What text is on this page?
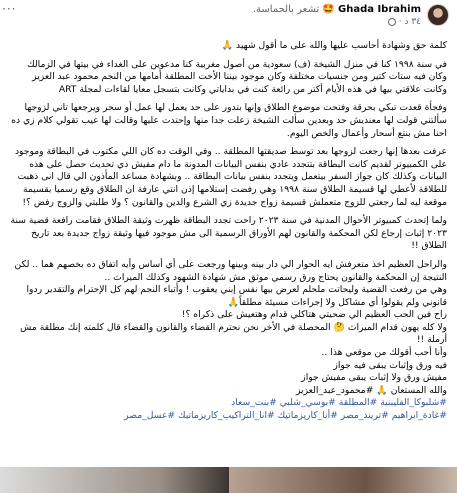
Ghada Ibrahim 🤩 تشعر بالحماسة.
٣٤ د ·
···

كلمة حق وشهادة أحاسب عليها والله على ما أقول شهيد 🙏

في سنة ١٩٩٨ كنا في منزل الشيخة (ف) سعودية من أصول مغربية كنا مدعوين على الغداء في بيتها في الزمالك وكان فيه ستات كتير ومن جنسيات مختلفة وكان موجود بيننا الأخت المطلقة أمامها من النجم محمود عبد العزيز وكانت علاقتي بيها في هذه الأيام أكتر من رائعة كنت في بداياتي وكانت بتسجل معايا لقاءات لمجلة ART

وفجأة قعدت تبكي بحرقة وفتحت موضوع الطلاق وإنها بتدور على حد يعمل لها عمل أو سحر ويرجعها تاني لزوجها سألتني قولت لها معنديش حد وبعدين سألت الشيخة زعلت جدا منها وإحتدت عليها وقالت لها عيب تقولي كلام زي ده احنا مش بنتع أسحار وأعمال والخص اليوم.

عرفت بعدها إنها رجعت لزوجها بعد توسط صديقتها المطلقة .. وفي الوقت ده كان اللي مكتوب في البطاقة وموجود على الكمبيوتر لقديم كانت البطاقة بتتجدد عادي بنفس البيانات المدونة ما دام مفيش ذي تحديث حصل على هذه البيانات وكذلك كان جواز السفر بيتعمل ويتجدد بنفس بيانات البطاقة .. وبشهادة مساعد المأذون الي قال انى ذهبت للطلاقة لأعطي لها قسيمة الطلاق سنة ١٩٩٨ وهي رفضت إستلامها إذن انتي عارفة ان الطلاق وقع رسميا بقسيمة موقعة ليه لما رجعتي للزوج متعملش قسيمة زواج جديدة زي الشرع والدين والقانون ؟ ولا طلبتي والزوج رفض ؟!

ولما إتحدث كمبيوتر الأحوال المدنية في سنة ٢٠٢٣ راحت تجدد البطاقة ظهرت وثيقة الطلاق فقامت رافعة قضية سنة ٢٠٢٣ إثبات إرجاع لكن المحكمة والقانون لهم الأوراق الرسمية الى مش موجود فيها وثيقة زواج جديدة بعد تاريخ الطلاق !!

والراحل العظيم اخذ متعرفش ايه الحوار الي دار بينه وبينها ورجعت على أي أساس وأيه اتفاق ده بخصهم هما .. لكن النتيجة إن المحكمة والقانون يحتاج ورق رسمي موثق مش شهادة الشهود وكذلك الميراث ..

وهي من رفعت القضية وليحاتت ملحلم لعرض بيها نفس إبني يعقوب ! وأتباء النجم لهم كل الإحترام والتقدير ردوا قانوني ولم يقولوا أي مشاكل ولا إجراءات مسيئة مطلقاً🙏

راح فين الحب العظيم الي ضحيتي هتاكلي قدام وهتعيش على ذكراه ؟!

ولا كله يهون قدام الميراث 🤔 المحصلة في الأخر نحن نحترم القضاء والقانون والقضاء قال كلمته إنك مطلقة مش أرملة !!

وأنا أحب أقولك من موقعي هذا ..

فيه ورق وإثبات يبقى فيه جواز

مفيش ورق ولا إثبات يبقى مفيش جواز

والله المستعان 🙏 #محمود_عبد_العزيز

#شلبوكا_الفليبنية #المطلقة #بوسي_شلبي #بنت_سعاد

#غادة_ابراهيم #تريند_مصر #أنا_كاريزماتيك #انا_التراكيب_كاريزماتيك #عسل_مصر
